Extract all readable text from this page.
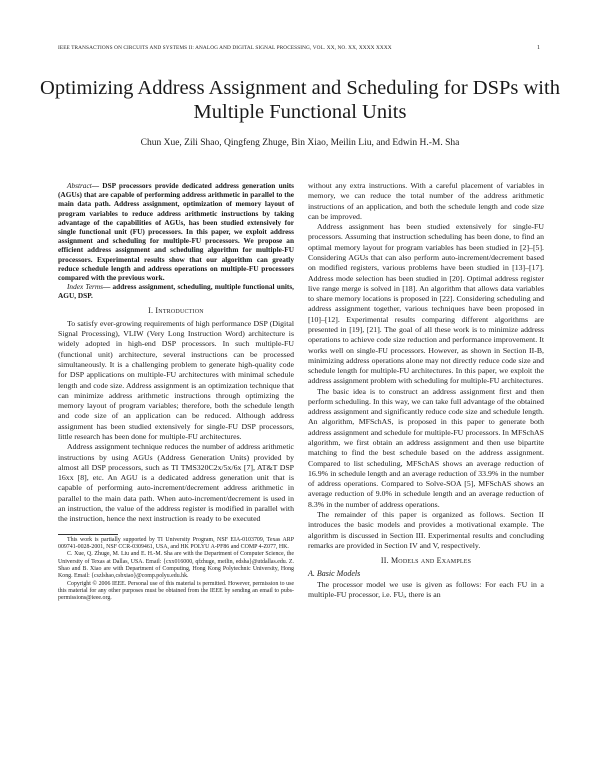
IEEE TRANSACTIONS ON CIRCUITS AND SYSTEMS II: ANALOG AND DIGITAL SIGNAL PROCESSING, VOL. XX, NO. XX, XXXX XXXX	1
Optimizing Address Assignment and Scheduling for DSPs with Multiple Functional Units
Chun Xue, Zili Shao, Qingfeng Zhuge, Bin Xiao, Meilin Liu, and Edwin H.-M. Sha

Abstract— DSP processors provide dedicated address generation units (AGUs) that are capable of performing address arithmetic in parallel to the main data path. Address assignment, optimization of memory layout of program variables to reduce address arithmetic instructions by taking advantage of the capabilities of AGUs, has been studied extensively for single functional unit (FU) processors. In this paper, we exploit address assignment and scheduling for multiple-FU processors. We propose an efficient address assignment and scheduling algorithm for multiple-FU processors. Experimental results show that our algorithm can greatly reduce schedule length and address operations on multiple-FU processors compared with the previous work.

Index Terms— address assignment, scheduling, multiple functional units, AGU, DSP.

I. Introduction

To satisfy ever-growing requirements of high performance DSP (Digital Signal Processing), VLIW (Very Long Instruction Word) architecture is widely adopted in high-end DSP processors. In such multiple-FU (functional unit) architecture, several instructions can be processed simultaneously. It is a challenging problem to generate high-quality code for DSP applications on multiple-FU architectures with minimal schedule length and code size. Address assignment is an optimization technique that can minimize address arithmetic instructions through optimizing the memory layout of program variables; therefore, both the schedule length and code size of an application can be reduced. Although address assignment has been studied extensively for single-FU DSP processors, little research has been done for multiple-FU architectures.

Address assignment technique reduces the number of address arithmetic instructions by using AGUs (Address Generation Units) provided by almost all DSP processors, such as TI TMS320C2x/5x/6x [7], AT&T DSP 16xx [8], etc. An AGU is a dedicated address generation unit that is capable of performing auto-increment/decrement address arithmetic in parallel to the main data path. When auto-increment/decrement is used in an instruction, the value of the address register is modified in parallel with the instruction, hence the next instruction is ready to be executed

This work is partially supported by TI University Program, NSF EIA-0103709, Texas ARP 009741-0028-2001, NSF CCR-0309461, USA, and HK POLYU A-PF86 and COMP 4-Z077, HK.

C. Xue, Q. Zhuge, M. Liu and E. H.-M. Sha are with the Department of Computer Science, the University of Texas at Dallas, USA. Email: {cxx016000, qfzhuge, meilin, edsha}@utdallas.edu. Z. Shao and B. Xiao are with Department of Computing, Hong Kong Polytechnic University, Hong Kong. Email: {cszlshao,csbxiao}@comp.polyu.edu.hk.

Copyright © 2006 IEEE. Personal use of this material is permitted. However, permission to use this material for any other purposes must be obtained from the IEEE by sending an email to pubs-permissions@ieee.org.

without any extra instructions. With a careful placement of variables in memory, we can reduce the total number of the address arithmetic instructions of an application, and both the schedule length and code size can be improved.

Address assignment has been studied extensively for single-FU processors. Assuming that instruction scheduling has been done, to find an optimal memory layout for program variables has been studied in [2]–[5]. Considering AGUs that can also perform auto-increment/decrement based on modified registers, various problems have been studied in [13]–[17]. Address mode selection has been studied in [20]. Optimal address register live range merge is solved in [18]. An algorithm that allows data variables to share memory locations is proposed in [22]. Considering scheduling and address assignment together, various techniques have been proposed in [10]–[12]. Experimental results comparing different algorithms are presented in [19], [21]. The goal of all these work is to minimize address operations to achieve code size reduction and performance improvement. It works well on single-FU processors. However, as shown in Section II-B, minimizing address operations alone may not directly reduce code size and schedule length for multiple-FU architectures. In this paper, we exploit the address assignment problem with scheduling for multiple-FU architectures.

The basic idea is to construct an address assignment first and then perform scheduling. In this way, we can take full advantage of the obtained address assignment and significantly reduce code size and schedule length. An algorithm, MFSchAS, is proposed in this paper to generate both address assignment and schedule for multiple-FU processors. In MFSchAS algorithm, we first obtain an address assignment and then use bipartite matching to find the best schedule based on the address assignment. Compared to list scheduling, MFSchAS shows an average reduction of 16.9% in schedule length and an average reduction of 33.9% in the number of address operations. Compared to Solve-SOA [5], MFSchAS shows an average reduction of 9.0% in schedule length and an average reduction of 8.3% in the number of address operations.

The remainder of this paper is organized as follows. Section II introduces the basic models and provides a motivational example. The algorithm is discussed in Section III. Experimental results and concluding remarks are provided in Section IV and V, respectively.

II. Models and Examples

A. Basic Models

The processor model we use is given as follows: For each FU in a multiple-FU processor, i.e. FUᵢ, there is an
